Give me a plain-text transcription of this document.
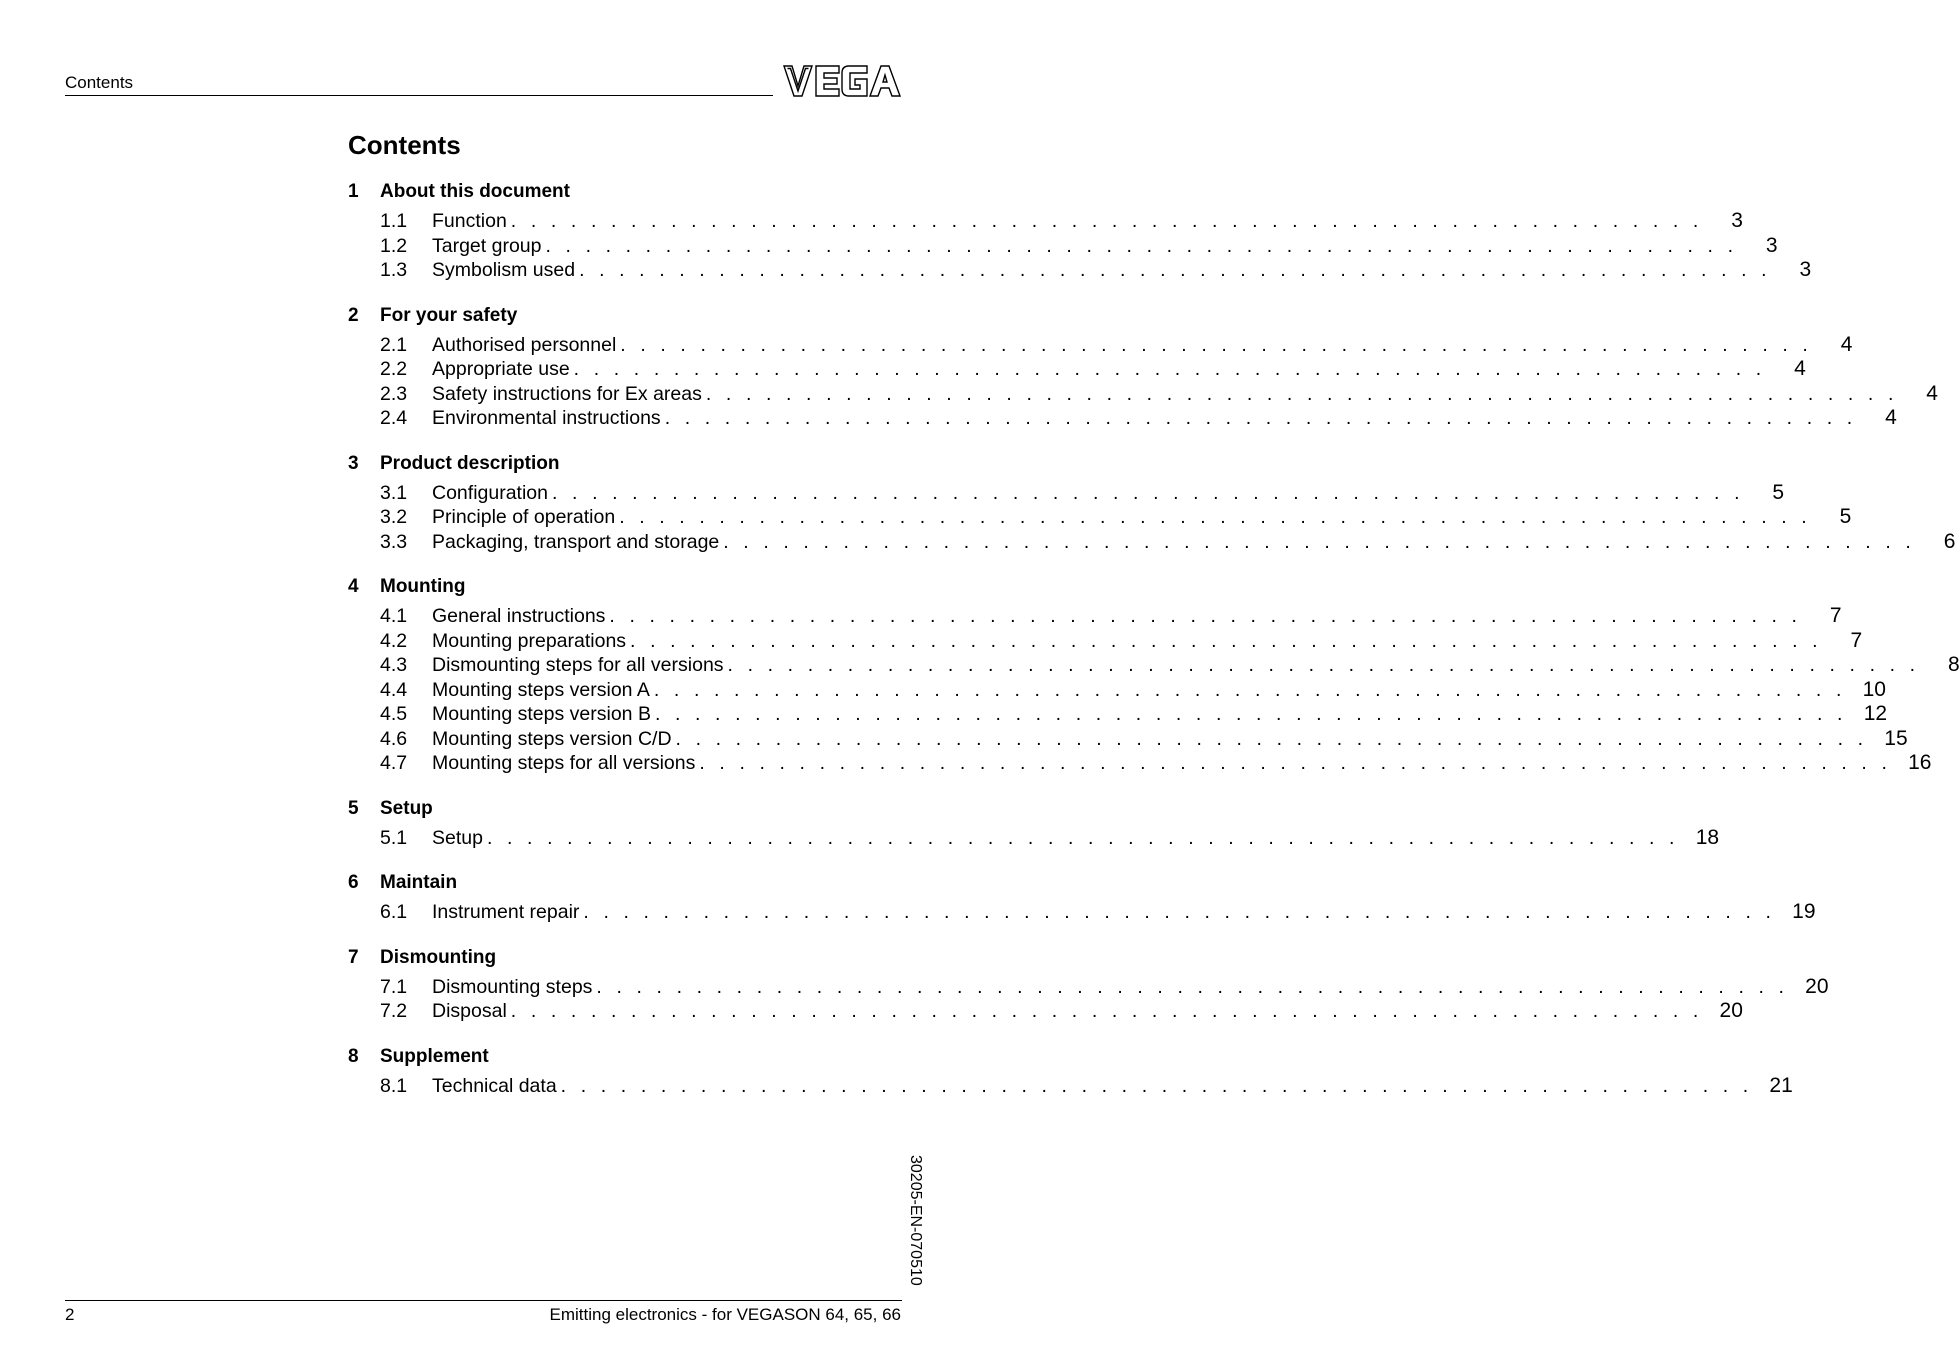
Contents
Contents
1	About this document
1.1	Function . . . . . . . . . . . . . . . . . . . . . . . . . . . . . . . . . . . . . . . . . . . . . . . . . . . . . . . . . . . .	3
1.2	Target group . . . . . . . . . . . . . . . . . . . . . . . . . . . . . . . . . . . . . . . . . . . . . . . . . . . . . . . . . . . .	3
1.3	Symbolism used . . . . . . . . . . . . . . . . . . . . . . . . . . . . . . . . . . . . . . . . . . . . . . . . . . . . . . . . . . . .	3
2	For your safety
2.1	Authorised personnel . . . . . . . . . . . . . . . . . . . . . . . . . . . . . . . . . . . . . . . . . . . . . . . . . . . . . . . . . . . .	4
2.2	Appropriate use . . . . . . . . . . . . . . . . . . . . . . . . . . . . . . . . . . . . . . . . . . . . . . . . . . . . . . . . . . . .	4
2.3	Safety instructions for Ex areas . . . . . . . . . . . . . . . . . . . . . . . . . . . . . . . . . . . . . . . . . . . . . . . . . . . . . . . . . . . .	4
2.4	Environmental instructions . . . . . . . . . . . . . . . . . . . . . . . . . . . . . . . . . . . . . . . . . . . . . . . . . . . . . . . . . . . .	4
3	Product description
3.1	Configuration . . . . . . . . . . . . . . . . . . . . . . . . . . . . . . . . . . . . . . . . . . . . . . . . . . . . . . . . . . . .	5
3.2	Principle of operation . . . . . . . . . . . . . . . . . . . . . . . . . . . . . . . . . . . . . . . . . . . . . . . . . . . . . . . . . . . .	5
3.3	Packaging, transport and storage . . . . . . . . . . . . . . . . . . . . . . . . . . . . . . . . . . . . . . . . . . . . . . . . . . . . . . . . . . . .	6
4	Mounting
4.1	General instructions . . . . . . . . . . . . . . . . . . . . . . . . . . . . . . . . . . . . . . . . . . . . . . . . . . . . . . . . . . . .	7
4.2	Mounting preparations . . . . . . . . . . . . . . . . . . . . . . . . . . . . . . . . . . . . . . . . . . . . . . . . . . . . . . . . . . . .	7
4.3	Dismounting steps for all versions . . . . . . . . . . . . . . . . . . . . . . . . . . . . . . . . . . . . . . . . . . . . . . . . . . . . . . . . . . . .	8
4.4	Mounting steps version A . . . . . . . . . . . . . . . . . . . . . . . . . . . . . . . . . . . . . . . . . . . . . . . . . . . . . . . . . . . . 10
4.5	Mounting steps version B . . . . . . . . . . . . . . . . . . . . . . . . . . . . . . . . . . . . . . . . . . . . . . . . . . . . . . . . . . . . 12
4.6	Mounting steps version C/D . . . . . . . . . . . . . . . . . . . . . . . . . . . . . . . . . . . . . . . . . . . . . . . . . . . . . . . . . . . . 15
4.7	Mounting steps for all versions . . . . . . . . . . . . . . . . . . . . . . . . . . . . . . . . . . . . . . . . . . . . . . . . . . . . . . . . . . . . 16
5	Setup
5.1	Setup . . . . . . . . . . . . . . . . . . . . . . . . . . . . . . . . . . . . . . . . . . . . . . . . . . . . . . . . . . . . 18
6	Maintain
6.1	Instrument repair . . . . . . . . . . . . . . . . . . . . . . . . . . . . . . . . . . . . . . . . . . . . . . . . . . . . . . . . . . . . 19
7	Dismounting
7.1	Dismounting steps . . . . . . . . . . . . . . . . . . . . . . . . . . . . . . . . . . . . . . . . . . . . . . . . . . . . . . . . . . . . 20
7.2	Disposal . . . . . . . . . . . . . . . . . . . . . . . . . . . . . . . . . . . . . . . . . . . . . . . . . . . . . . . . . . . . 20
8	Supplement
8.1	Technical data . . . . . . . . . . . . . . . . . . . . . . . . . . . . . . . . . . . . . . . . . . . . . . . . . . . . . . . . . . . . 21
30205-EN-070510
2	Emitting electronics - for VEGASON 64, 65, 66
